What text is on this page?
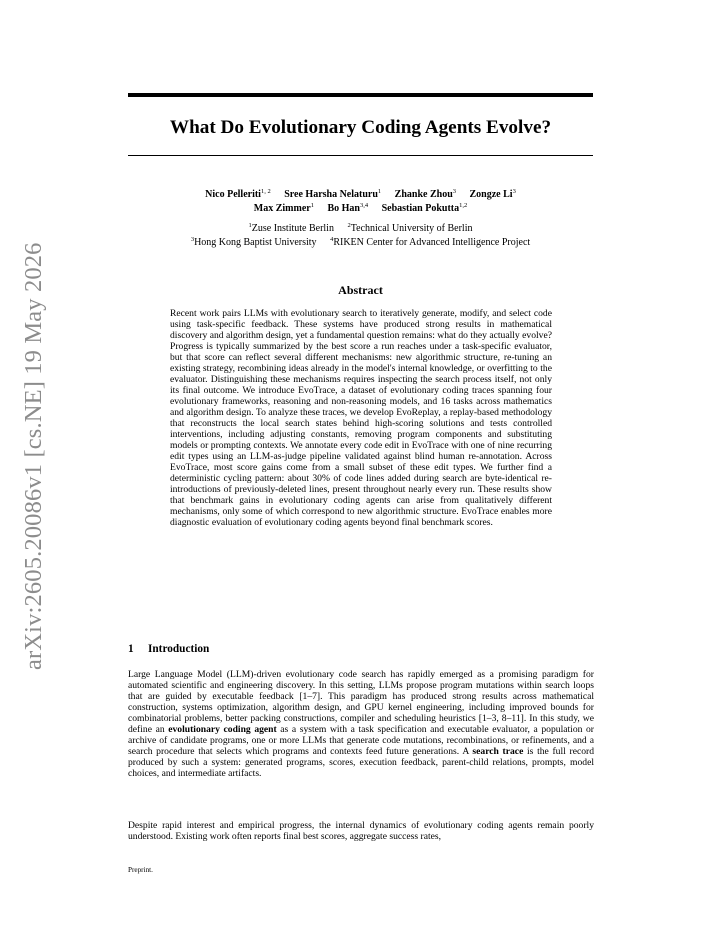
arXiv:2605.20086v1 [cs.NE] 19 May 2026
What Do Evolutionary Coding Agents Evolve?
Nico Pelleriti$^{1, 2}$ Sree Harsha Nelaturu$^1$ Zhanke Zhou$^3$ Zongze Li$^3$
Max Zimmer$^1$ Bo Han$^{3,4}$ Sebastian Pokutta$^{1,2}$
$^1$Zuse Institute Berlin $^2$Technical University of Berlin
$^3$Hong Kong Baptist University $^4$RIKEN Center for Advanced Intelligence Project
Abstract
Recent work pairs LLMs with evolutionary search to iteratively generate, modify, and select code using task-specific feedback. These systems have produced strong results in mathematical discovery and algorithm design, yet a fundamental question remains: what do they actually evolve? Progress is typically summarized by the best score a run reaches under a task-specific evaluator, but that score can reflect several different mechanisms: new algorithmic structure, re-tuning an existing strategy, recombining ideas already in the model's internal knowledge, or overfitting to the evaluator. Distinguishing these mechanisms requires inspecting the search process itself, not only its final outcome. We introduce EvoTrace, a dataset of evolutionary coding traces spanning four evolutionary frameworks, reasoning and non-reasoning models, and 16 tasks across mathematics and algorithm design. To analyze these traces, we develop EvoReplay, a replay-based methodology that reconstructs the local search states behind high-scoring solutions and tests controlled interventions, including adjusting constants, removing program components and substituting models or prompting contexts. We annotate every code edit in EvoTrace with one of nine recurring edit types using an LLM-as-judge pipeline validated against blind human re-annotation. Across EvoTrace, most score gains come from a small subset of these edit types. We further find a deterministic cycling pattern: about 30% of code lines added during search are byte-identical re-introductions of previously-deleted lines, present throughout nearly every run. These results show that benchmark gains in evolutionary coding agents can arise from qualitatively different mechanisms, only some of which correspond to new algorithmic structure. EvoTrace enables more diagnostic evaluation of evolutionary coding agents beyond final benchmark scores.
1 Introduction
Large Language Model (LLM)-driven evolutionary code search has rapidly emerged as a promising paradigm for automated scientific and engineering discovery. In this setting, LLMs propose program mutations within search loops that are guided by executable feedback [1–7]. This paradigm has produced strong results across mathematical construction, systems optimization, algorithm design, and GPU kernel engineering, including improved bounds for combinatorial problems, better packing constructions, compiler and scheduling heuristics [1–3, 8–11]. In this study, we define an evolutionary coding agent as a system with a task specification and executable evaluator, a population or archive of candidate programs, one or more LLMs that generate code mutations, recombinations, or refinements, and a search procedure that selects which programs and contexts feed future generations. A search trace is the full record produced by such a system: generated programs, scores, execution feedback, parent-child relations, prompts, model choices, and intermediate artifacts.
Despite rapid interest and empirical progress, the internal dynamics of evolutionary coding agents remain poorly understood. Existing work often reports final best scores, aggregate success rates,
Preprint.
